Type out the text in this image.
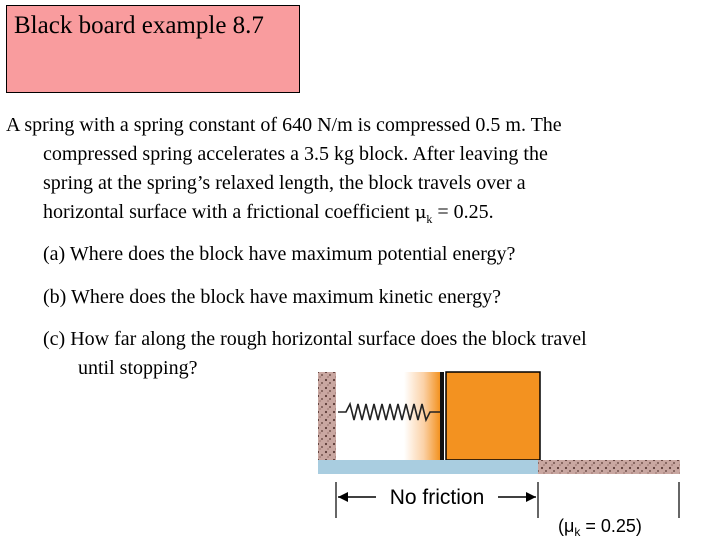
Black board example 8.7
A spring with a spring constant of 640 N/m is compressed 0.5 m. The
compressed spring accelerates a 3.5 kg block. After leaving the
spring at the spring’s relaxed length, the block travels over a
horizontal surface with a frictional coefficient $\mu_k = 0.25$.
(a) Where does the block have maximum potential energy?
(b) Where does the block have maximum kinetic energy?
(c) How far along the rough horizontal surface does the block travel
until stopping?
No friction
$(\mu_k = 0.25)$
